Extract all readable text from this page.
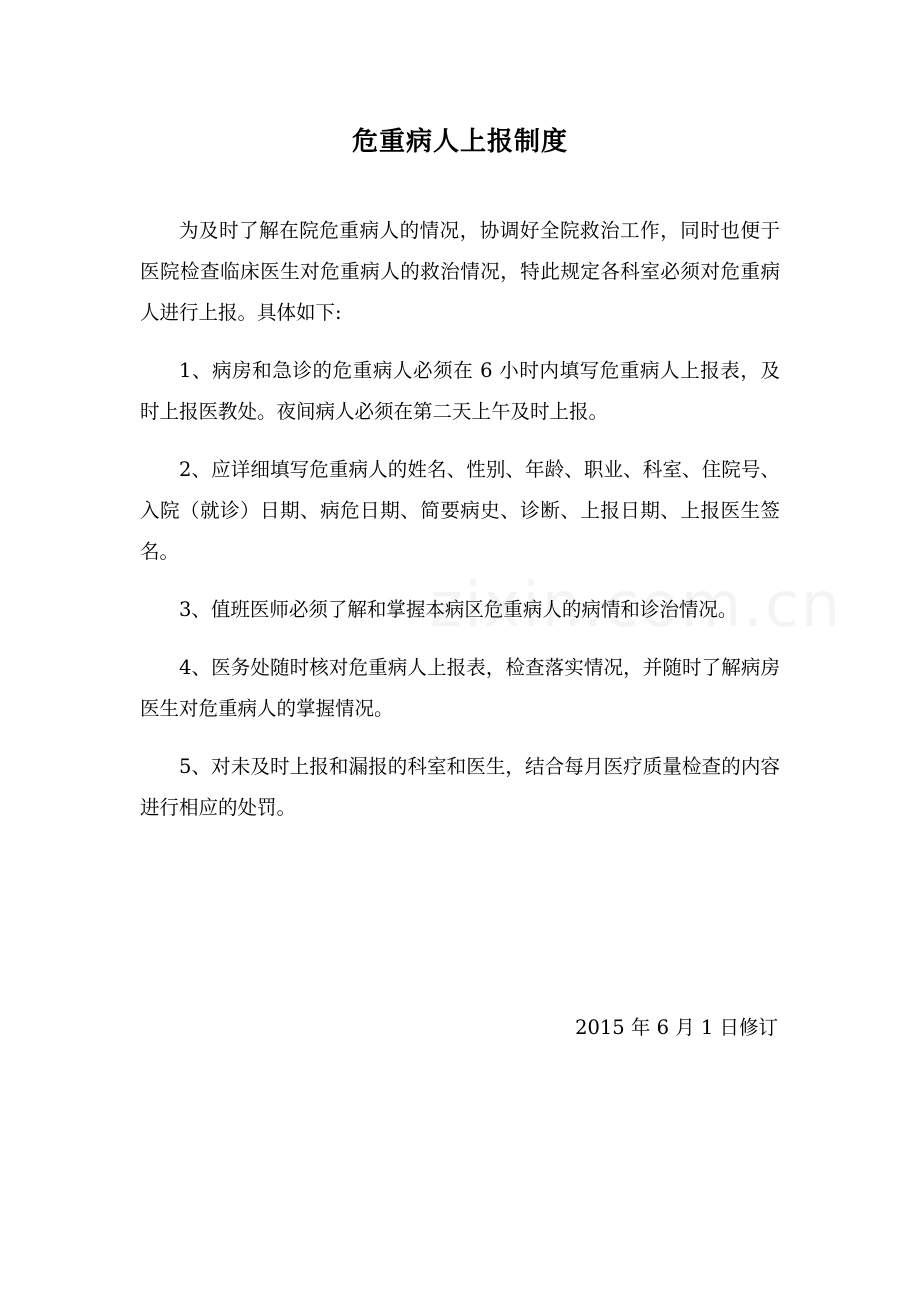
危重病人上报制度

为及时了解在院危重病人的情况，协调好全院救治工作，同时也便于医院检查临床医生对危重病人的救治情况，特此规定各科室必须对危重病人进行上报。具体如下:

1、病房和急诊的危重病人必须在 6 小时内填写危重病人上报表，及时上报医教处。夜间病人必须在第二天上午及时上报。

2、应详细填写危重病人的姓名、性别、年龄、职业、科室、住院号、入院（就诊）日期、病危日期、简要病史、诊断、上报日期、上报医生签名。

3、值班医师必须了解和掌握本病区危重病人的病情和诊治情况。

4、医务处随时核对危重病人上报表，检查落实情况，并随时了解病房医生对危重病人的掌握情况。

5、对未及时上报和漏报的科室和医生，结合每月医疗质量检查的内容进行相应的处罚。

2015 年 6 月 1 日修订
